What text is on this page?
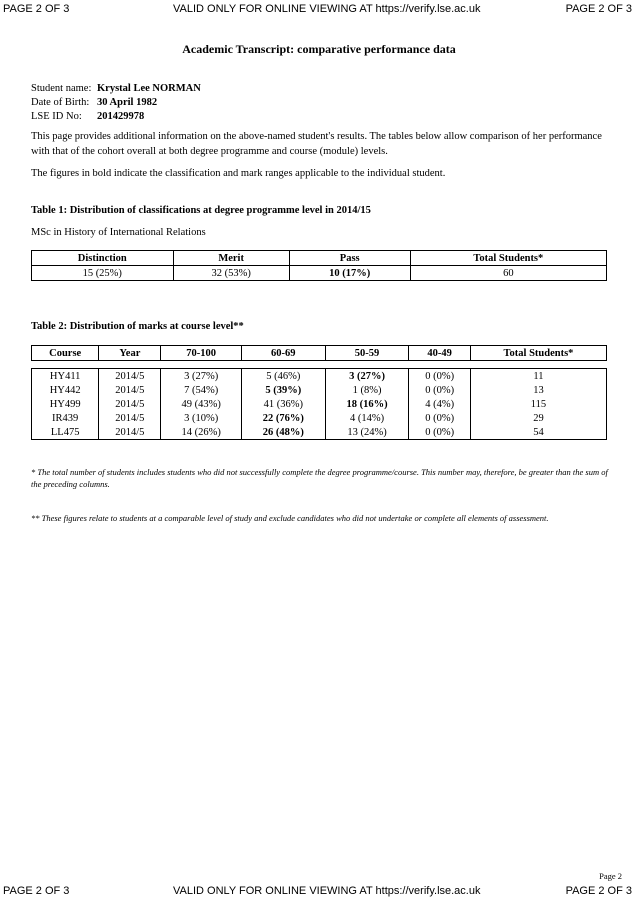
PAGE 2 OF 3	VALID ONLY FOR ONLINE VIEWING AT https://verify.lse.ac.uk	PAGE 2 OF 3
Academic Transcript: comparative performance data
Student name: Krystal Lee NORMAN
Date of Birth: 30 April 1982
LSE ID No:	201429978
This page provides additional information on the above-named student's results. The tables below allow comparison of her performance with that of the cohort overall at both degree programme and course (module) levels.
The figures in bold indicate the classification and mark ranges applicable to the individual student.
Table 1: Distribution of classifications at degree programme level in 2014/15
MSc in History of International Relations
Distinction	Merit	Pass	Total Students*
15 (25%)	32 (53%)	10 (17%)	60
Table 2: Distribution of marks at course level**
Course	Year	70-100	60-69	50-59	40-49	Total Students*

HY411	2014/5	3 (27%)	5 (46%)	3 (27%)	0 (0%)	11
HY442	2014/5	7 (54%)	5 (39%)	1 (8%)	0 (0%)	13
HY499	2014/5	49 (43%)	41 (36%)	18 (16%)	4 (4%)	115
IR439	2014/5	3 (10%)	22 (76%)	4 (14%)	0 (0%)	29
LL475	2014/5	14 (26%)	26 (48%)	13 (24%)	0 (0%)	54
* The total number of students includes students who did not successfully complete the degree programme/course. This number may, therefore, be greater than the sum of the preceding columns.
** These figures relate to students at a comparable level of study and exclude candidates who did not undertake or complete all elements of assessment.
Page 2
PAGE 2 OF 3	VALID ONLY FOR ONLINE VIEWING AT https://verify.lse.ac.uk	PAGE 2 OF 3
